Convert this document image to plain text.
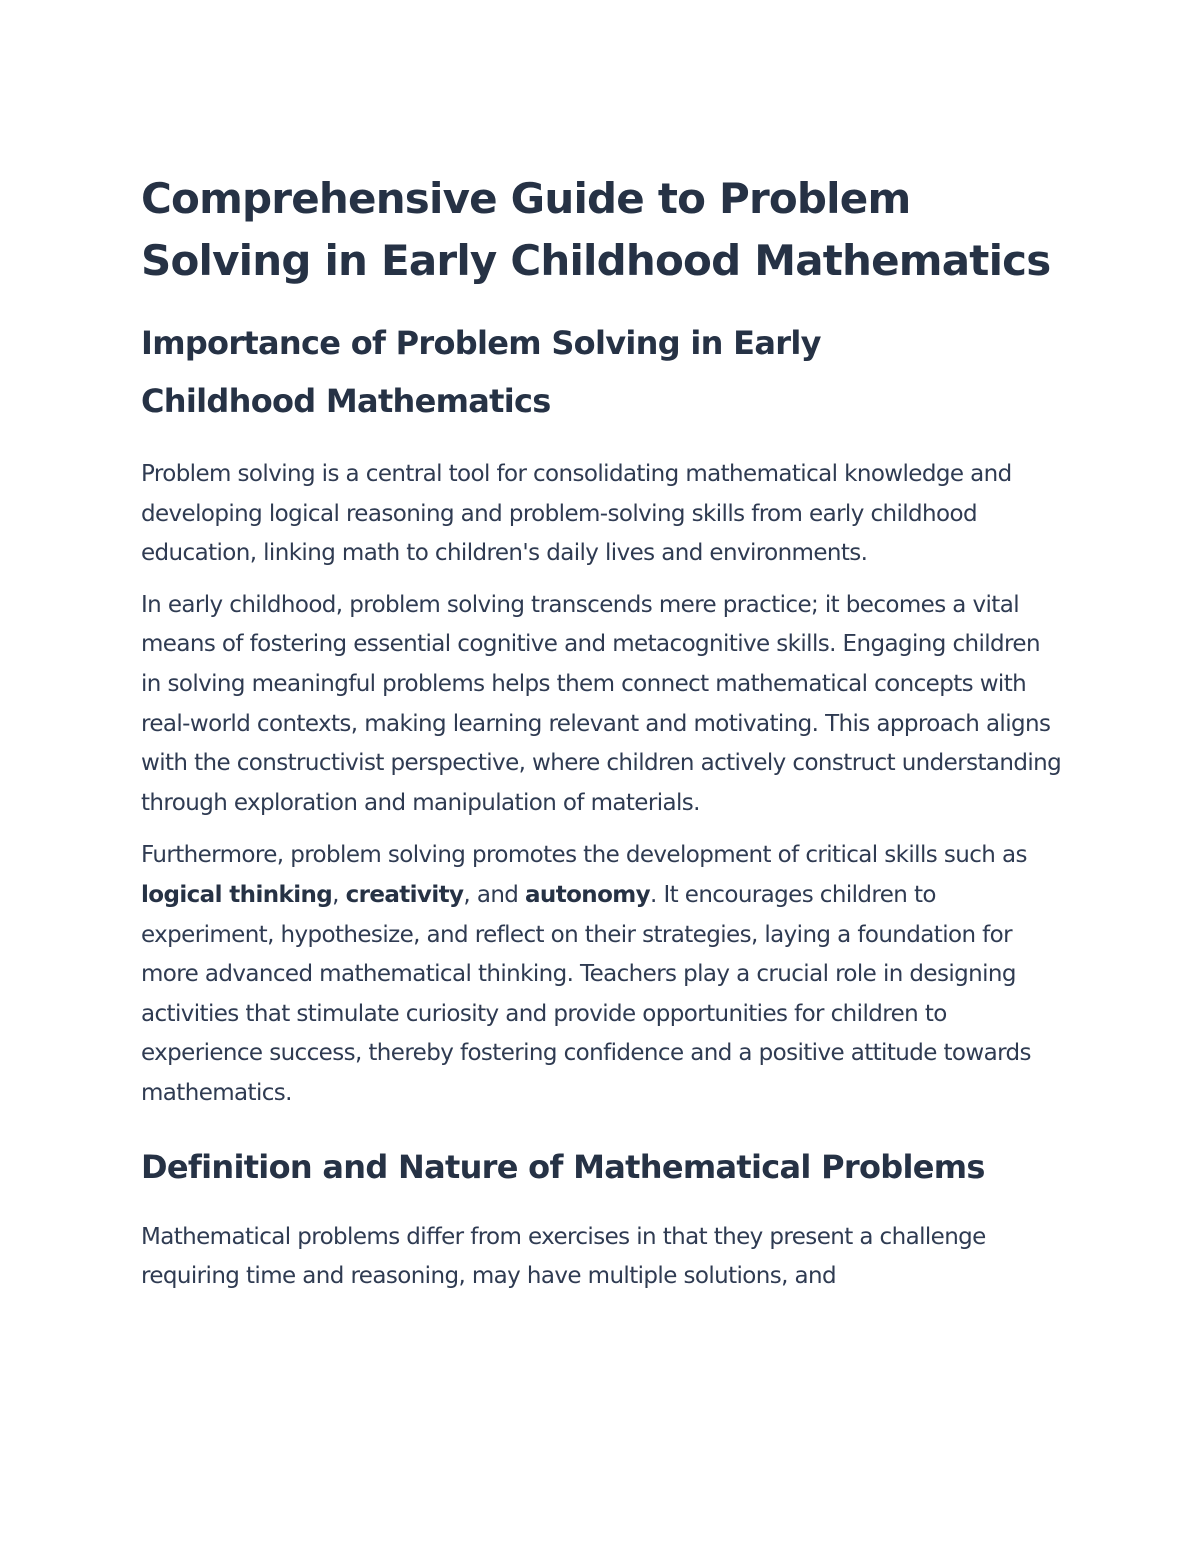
Comprehensive Guide to Problem Solving in Early Childhood Mathematics
Importance of Problem Solving in Early Childhood Mathematics

Problem solving is a central tool for consolidating mathematical knowledge and developing logical reasoning and problem-solving skills from early childhood education, linking math to children's daily lives and environments.

In early childhood, problem solving transcends mere practice; it becomes a vital means of fostering essential cognitive and metacognitive skills. Engaging children in solving meaningful problems helps them connect mathematical concepts with real-world contexts, making learning relevant and motivating. This approach aligns with the constructivist perspective, where children actively construct understanding through exploration and manipulation of materials.

Furthermore, problem solving promotes the development of critical skills such as logical thinking, creativity, and autonomy. It encourages children to experiment, hypothesize, and reflect on their strategies, laying a foundation for more advanced mathematical thinking. Teachers play a crucial role in designing activities that stimulate curiosity and provide opportunities for children to experience success, thereby fostering confidence and a positive attitude towards mathematics.

Definition and Nature of Mathematical Problems

Mathematical problems differ from exercises in that they present a challenge requiring time and reasoning, may have multiple solutions, and
